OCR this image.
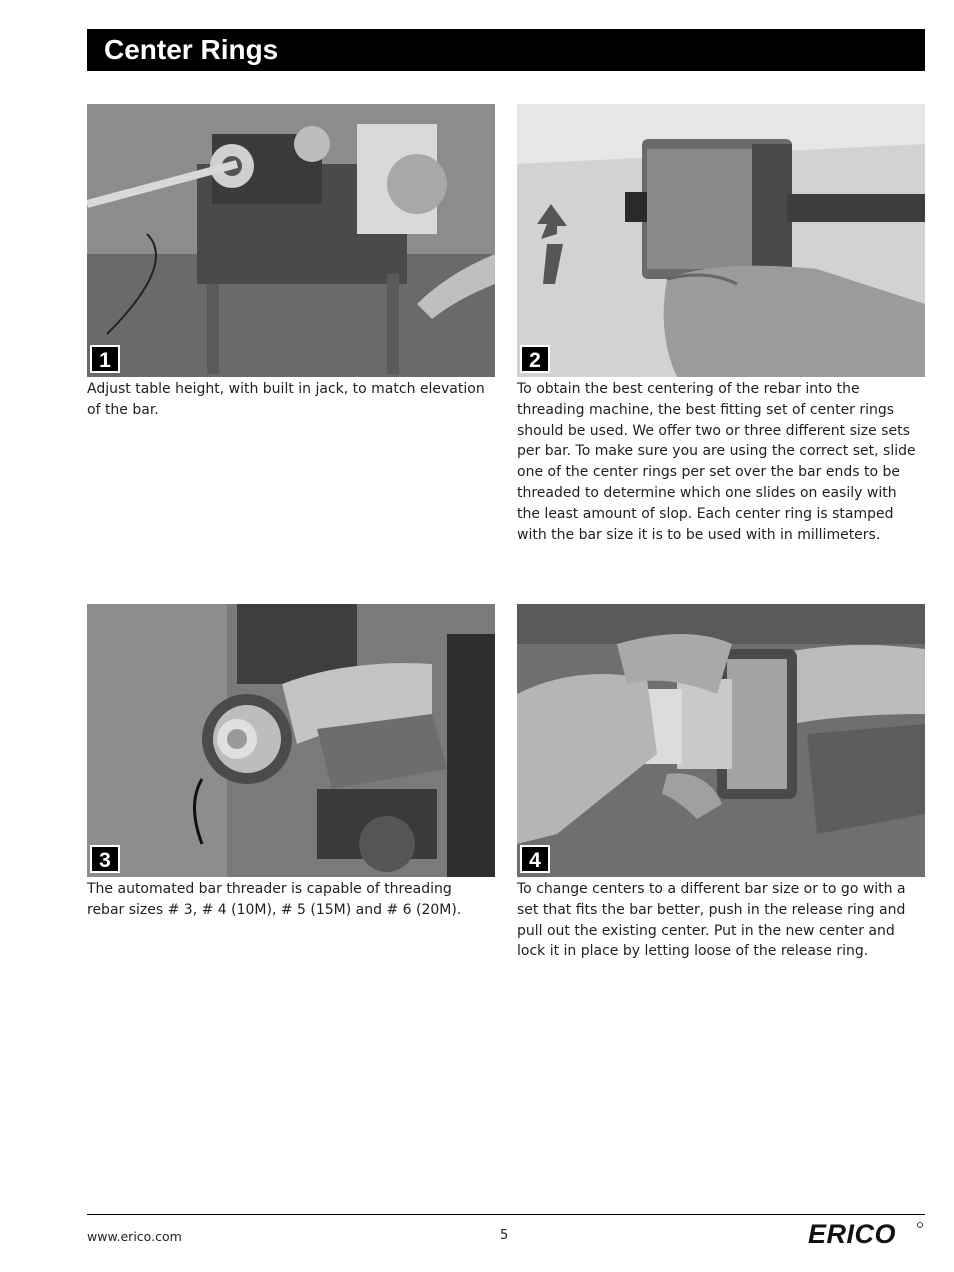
Center Rings
1
Adjust table height, with built in jack, to match elevation of the bar.
2
To obtain the best centering of the rebar into the threading machine, the best fitting set of center rings should be used. We offer two or three different size sets per bar. To make sure you are using the correct set, slide one of the center rings per set over the bar ends to be threaded to determine which one slides on easily with the least amount of slop. Each center ring is stamped with the bar size it is to be used with in millimeters.
3
The automated bar threader is capable of threading rebar sizes # 3, # 4 (10M), # 5 (15M) and # 6 (20M).
4
To change centers to a different bar size or to go with a set that fits the bar better, push in the release ring and pull out the existing center. Put in the new center and lock it in place by letting loose of the release ring.
www.erico.com	5	ERICO
